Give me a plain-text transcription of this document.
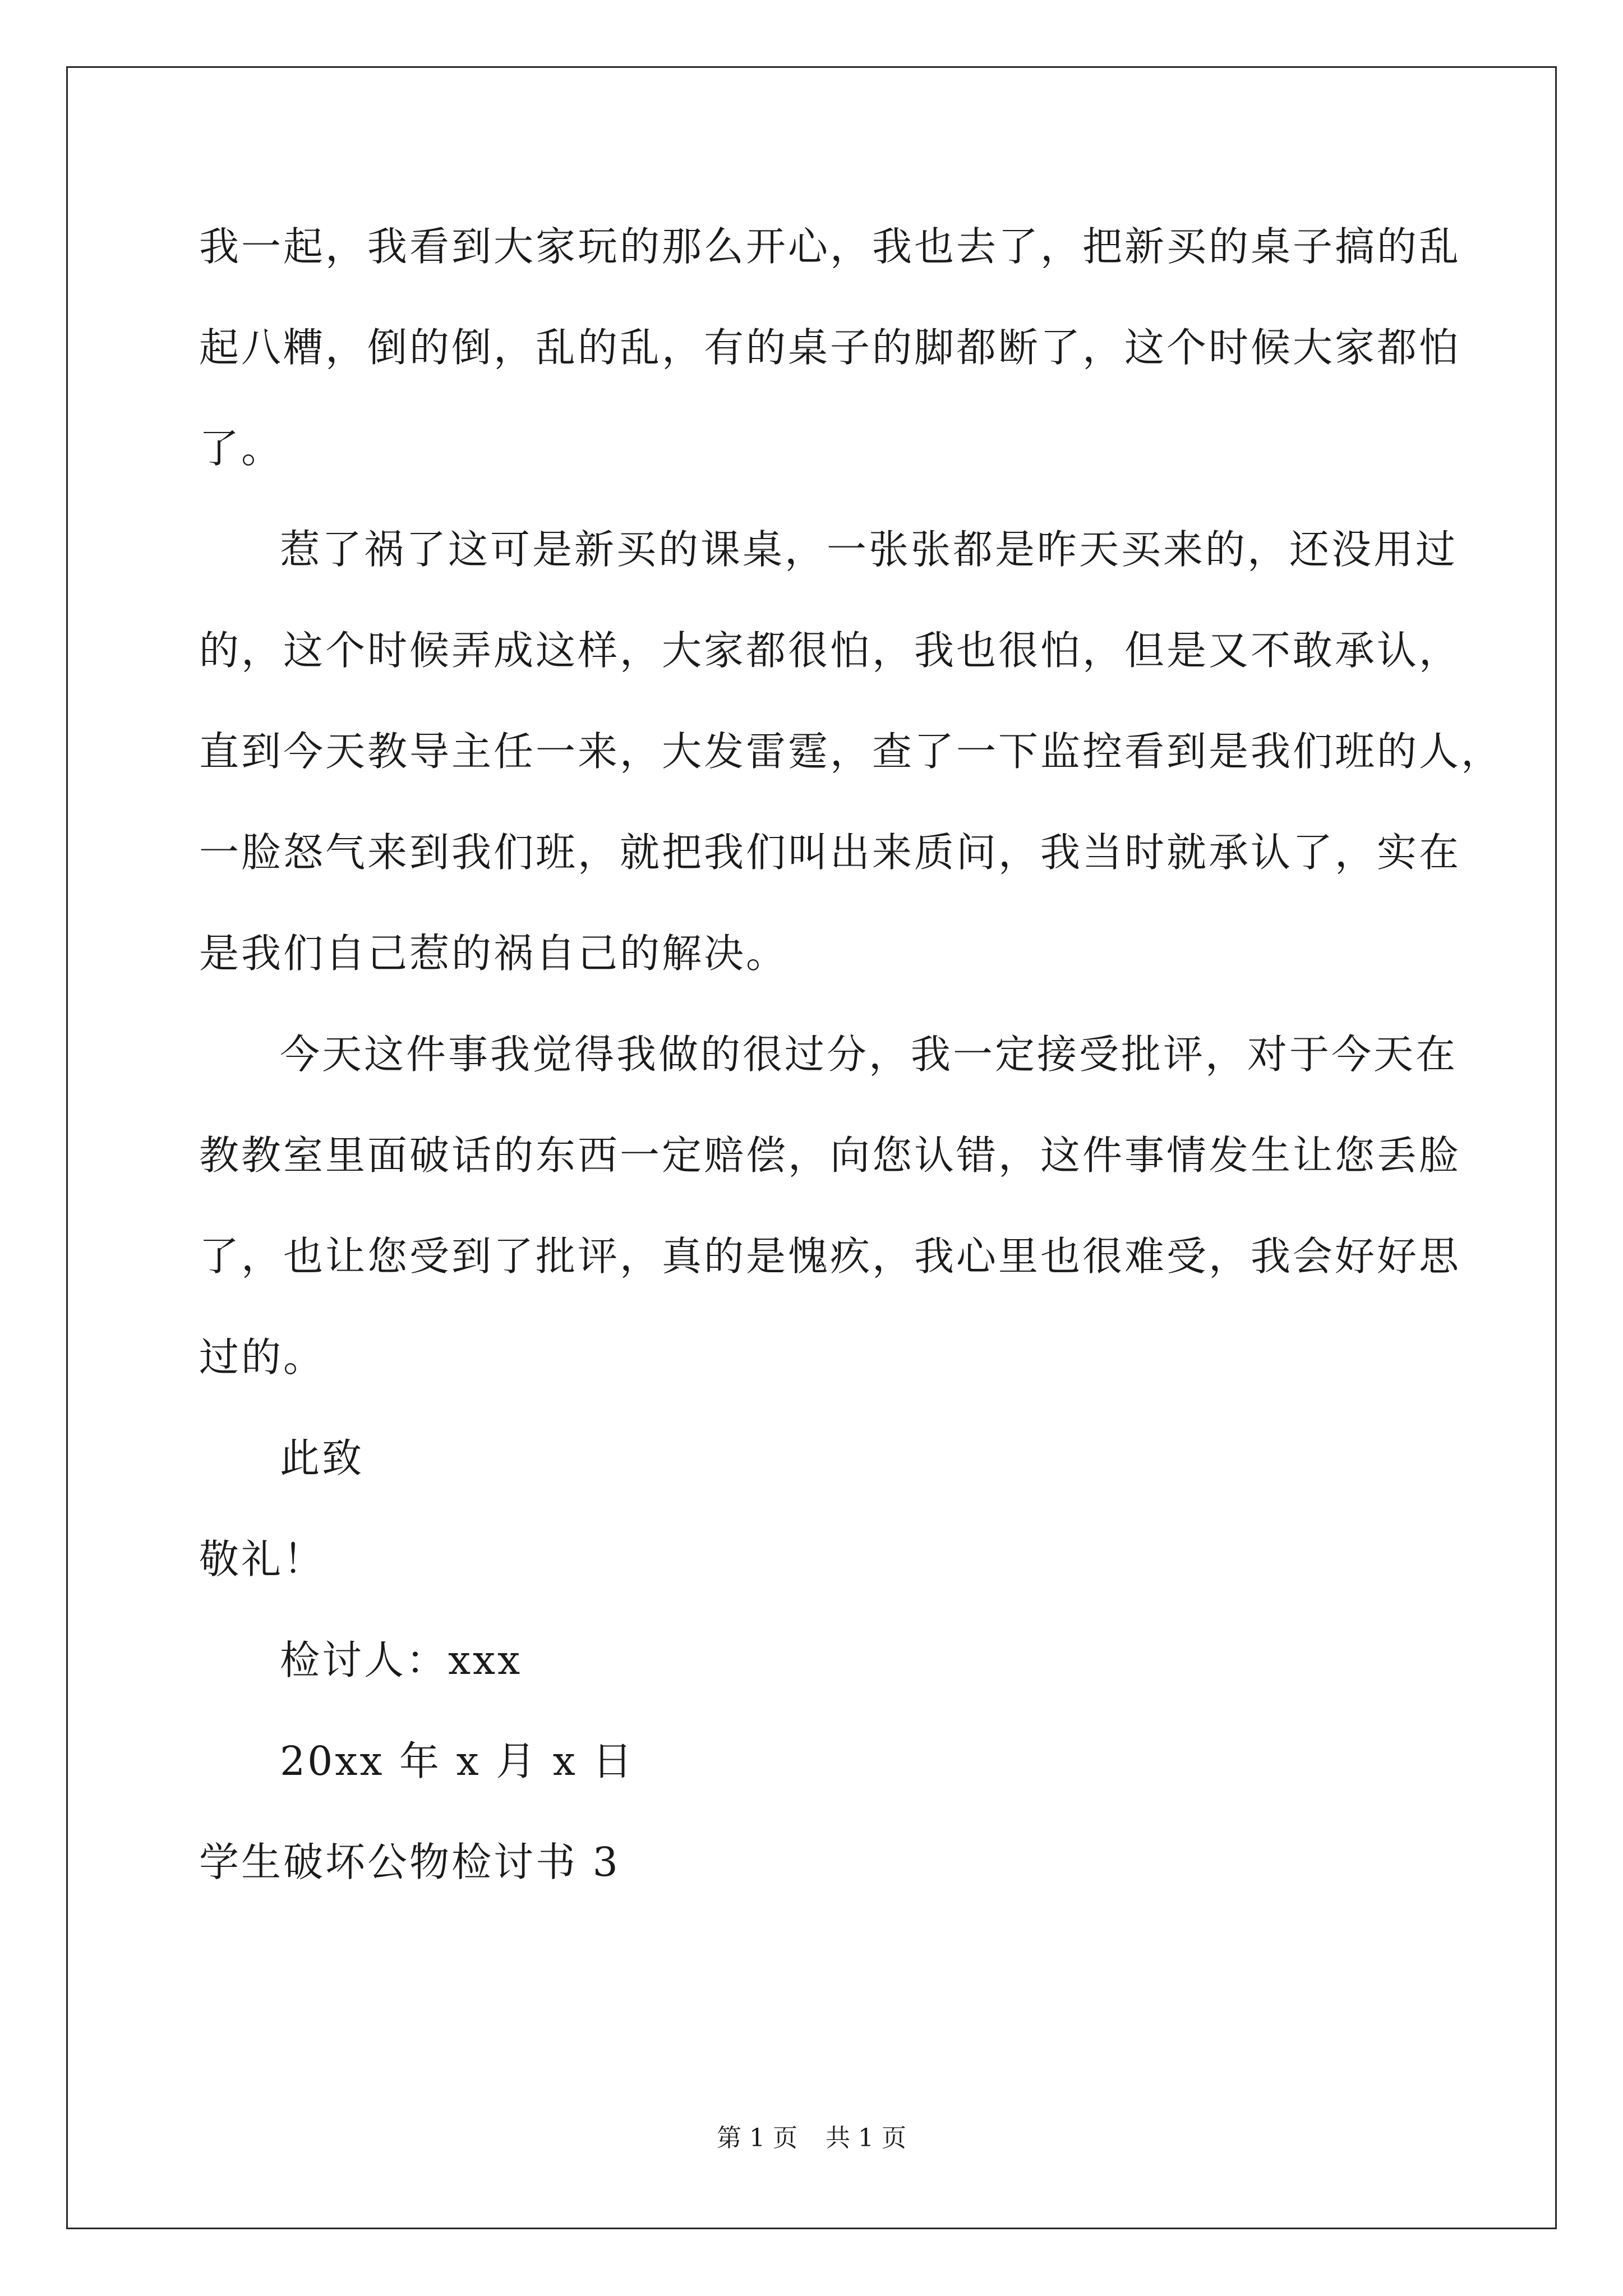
我一起，我看到大家玩的那么开心，我也去了，把新买的桌子搞的乱
起八糟，倒的倒，乱的乱，有的桌子的脚都断了，这个时候大家都怕
了。
惹了祸了这可是新买的课桌，一张张都是昨天买来的，还没用过
的，这个时候弄成这样，大家都很怕，我也很怕，但是又不敢承认，
直到今天教导主任一来，大发雷霆，查了一下监控看到是我们班的人，
一脸怒气来到我们班，就把我们叫出来质问，我当时就承认了，实在
是我们自己惹的祸自己的解决。
今天这件事我觉得我做的很过分，我一定接受批评，对于今天在
教教室里面破话的东西一定赔偿，向您认错，这件事情发生让您丢脸
了，也让您受到了批评，真的是愧疚，我心里也很难受，我会好好思
过的。
此致
敬礼！
检讨人：xxx
20xx 年 x 月 x 日
学生破坏公物检讨书 3
第 1 页 共 1 页
